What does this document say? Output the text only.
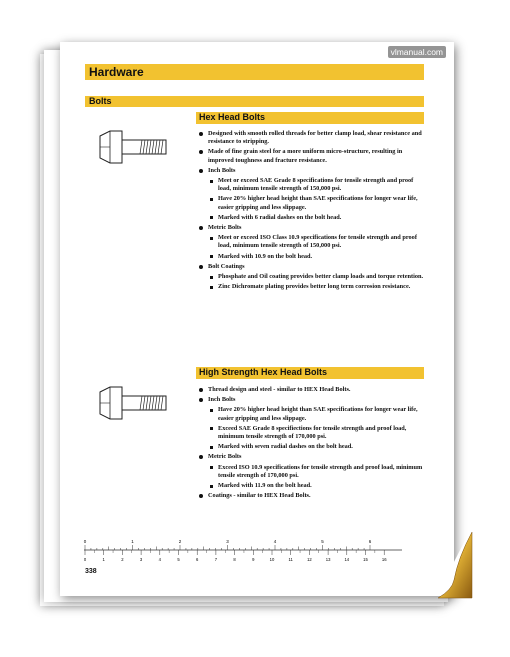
vlmanual.com
Hardware
Bolts
Hex Head Bolts
Designed with smooth rolled threads for better clamp load, shear resistance and resistance to stripping.
Made of fine grain steel for a more uniform micro-structure, resulting in improved toughness and fracture resistance.
Inch Bolts
Meet or exceed SAE Grade 8 specifications for tensile strength and proof load, minimum tensile strength of 150,000 psi.
Have 20% higher head height than SAE specifications for longer wear life, easier gripping and less slippage.
Marked with 6 radial dashes on the bolt head.
Metric Bolts
Meet or exceed ISO Class 10.9 specifications for tensile strength and proof load, minimum tensile strength of 150,000 psi.
Marked with 10.9 on the bolt head.
Bolt Coatings
Phosphate and Oil coating provides better clamp loads and torque retention.
Zinc Dichromate plating provides better long term corrosion resistance.
High Strength Hex Head Bolts
Thread design and steel - similar to HEX Head Bolts.
Inch Bolts
Have 20% higher head height than SAE specifications for longer wear life, easier gripping and less slippage.
Exceed SAE Grade 8 specifiections for tensile strength and proof load, minimum tensile strength of 170,000 psi.
Marked with seven radial dashes on the bolt head.
Metric Bolts
Exceed ISO 10.9 specifications for tensile strength and proof load, minimum tensile strength of 170,000 psi.
Marked with 11.9 on the bolt head.
Coatings - similar to HEX Head Bolts.
0	1	2	3	4	5	6
0	1	2	3	4	5	6	7	8	9	10	11	12	13	14	15	16
338
